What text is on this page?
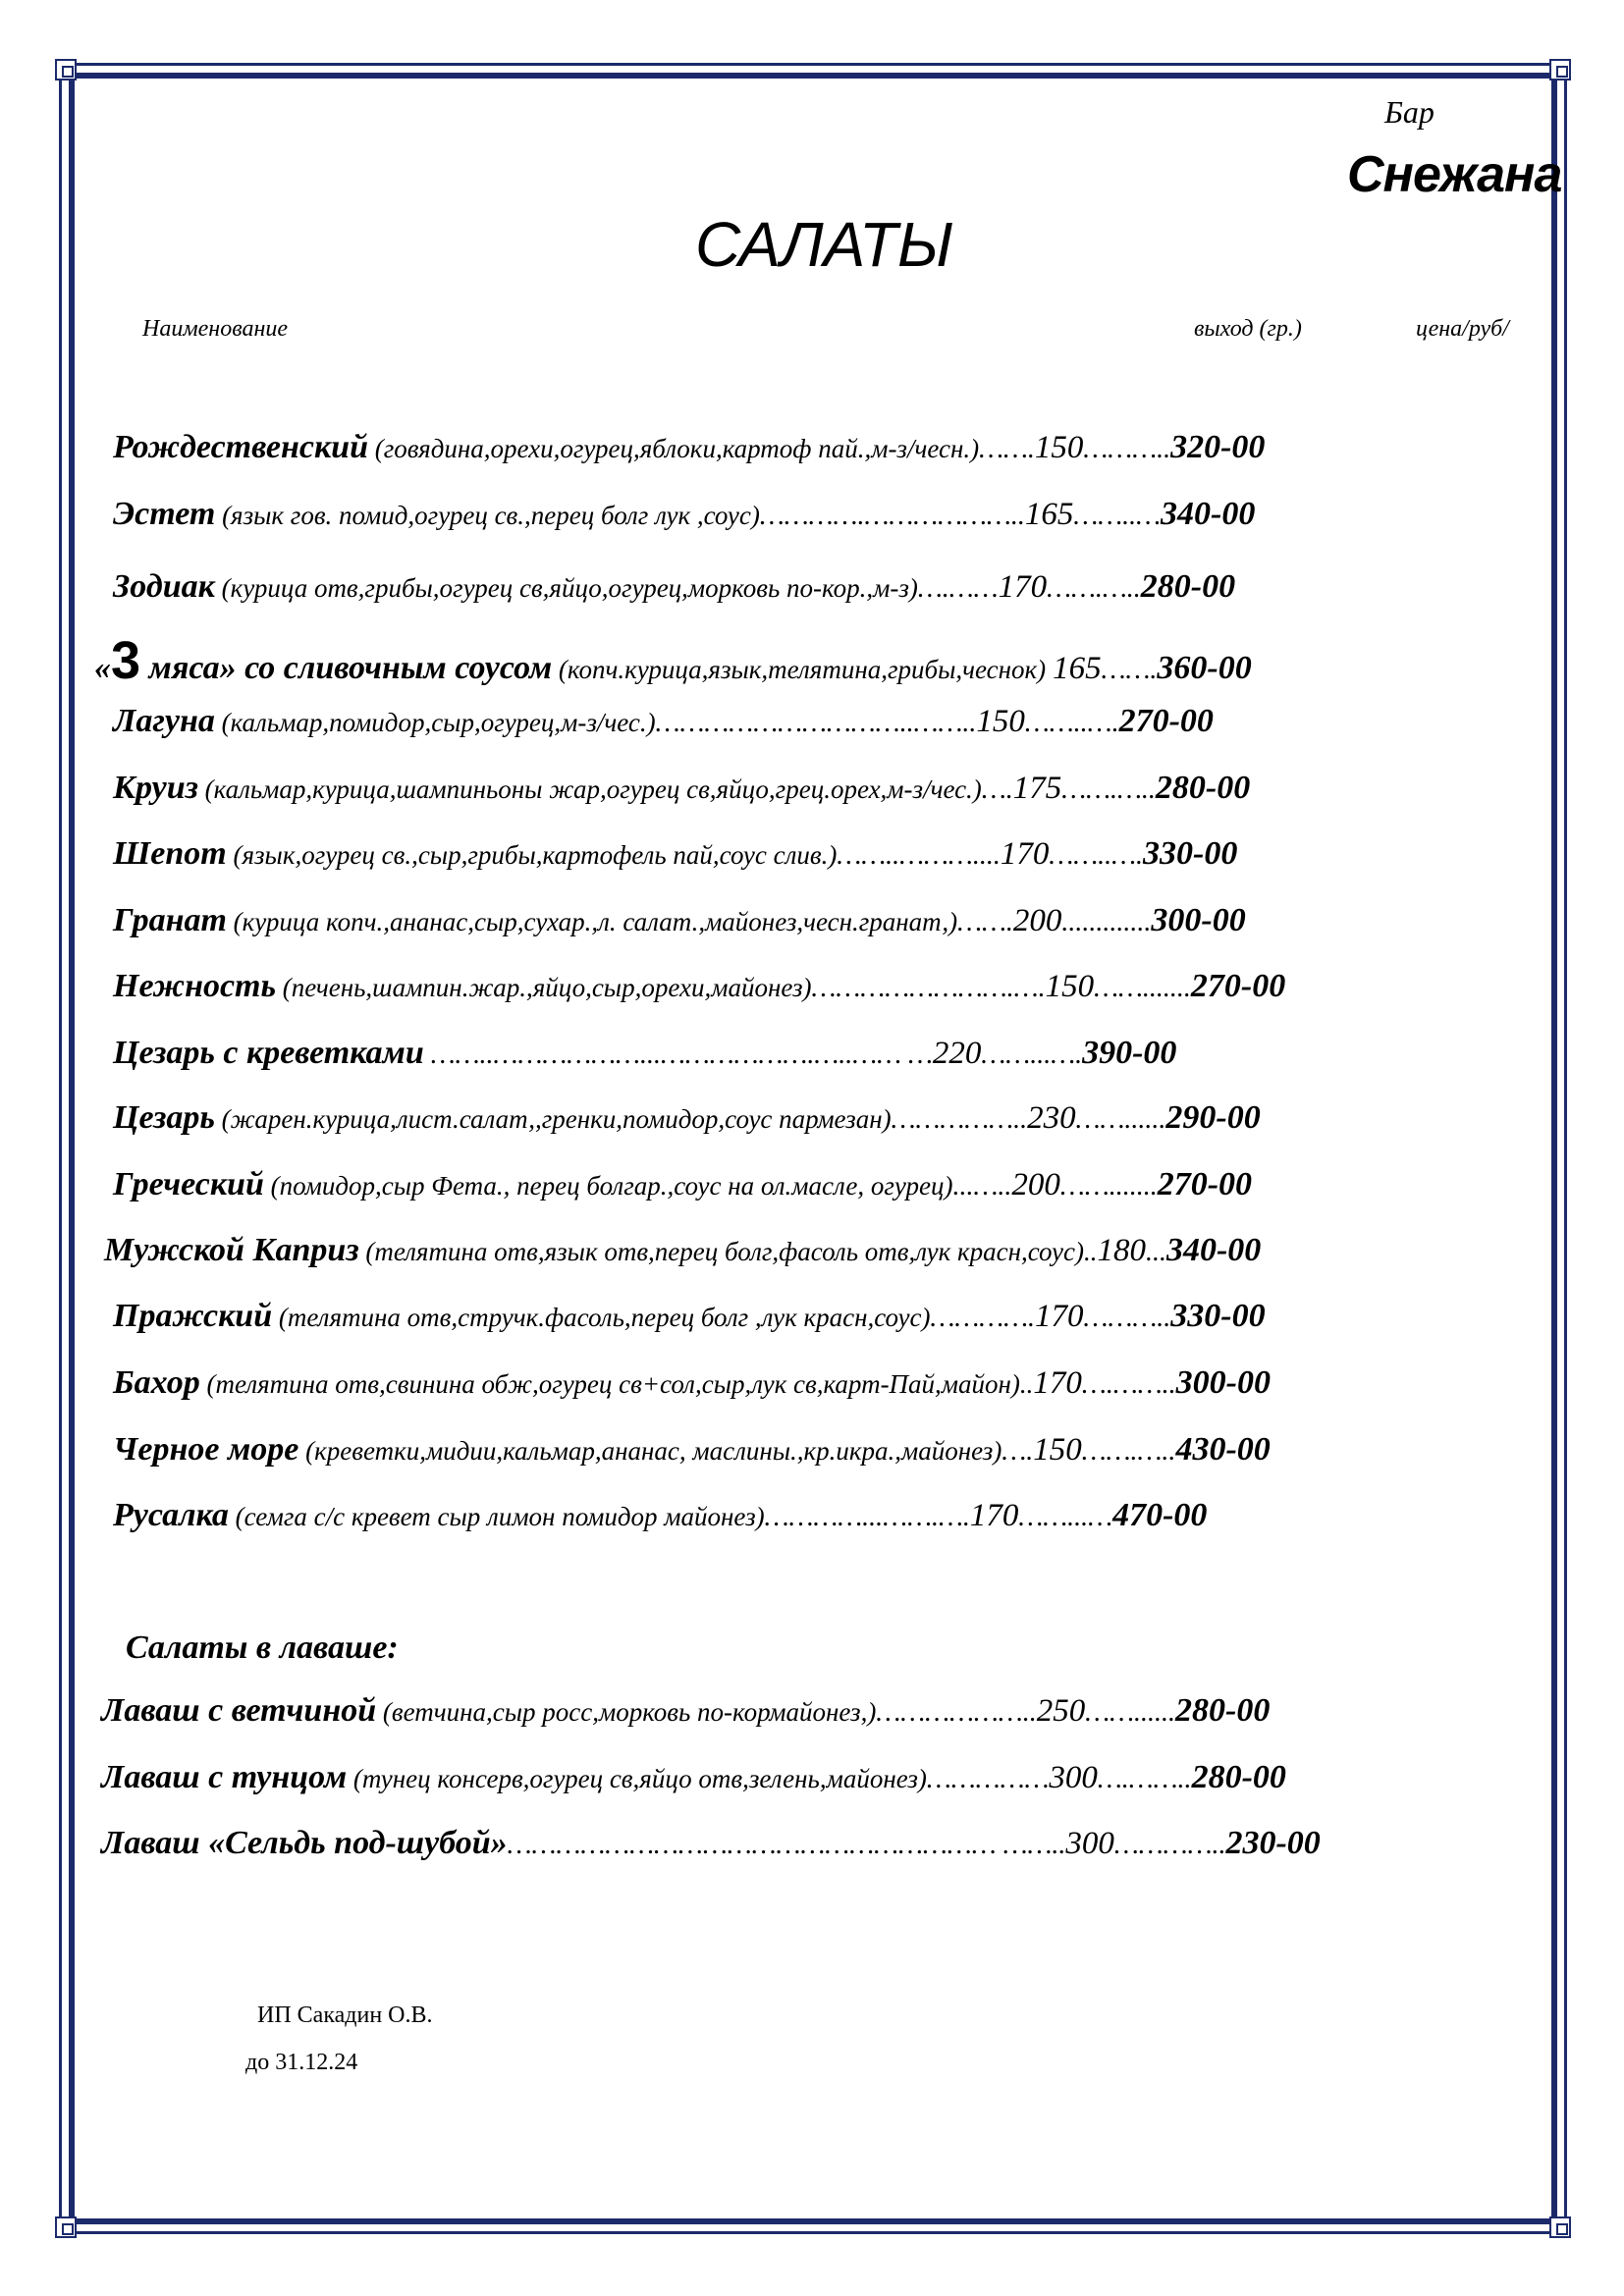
Бар
Снежана
САЛАТЫ
Наименование	выход (гр.)	цена/руб/
Рождественский (говядина,орехи,огурец,яблоки,картоф пай.,м-з/чесн.)…….150………..320-00
Эстет (язык гов. помид,огурец св.,перец болг лук ,соус)………….………………..165……..…340-00
Зодиак (курица отв,грибы,огурец св,яйцо,огурец,морковь по-кор.,м-з)….……170…….…..280-00
«3 мяса» со сливочным соусом (копч.курица,язык,телятина,грибы,чеснок) 165…….360-00
Лагуна (кальмар,помидор,сыр,огурец,м-з/чес.)…………………………..……..150……..….270-00
Круиз (кальмар,курица,шампиньоны жар,огурец св,яйцо,грец.орех,м-з/чес.)….175…….…..280-00
Шепот (язык,огурец св.,сыр,грибы,картофель пай,соус слив.)……..………....170……..….330-00
Гранат (курица копч.,ананас,сыр,сухар.,л. салат.,майонез,чесн.гранат,)…….200.............300-00
Нежность (печень,шампин.жар.,яйцо,сыр,орехи,майонез)…………………….….150…….......270-00
Цезарь с креветками ……..………………...……………….…..…… …220……...….390-00
Цезарь (жарен.курица,лист.салат,,гренки,помидор,соус пармезан)……………..230……......290-00
Греческий (помидор,сыр Фета., перец болгар.,соус на ол.масле, огурец)...…..200…….......270-00
Мужской Каприз (телятина отв,язык отв,перец болг,фасоль отв,лук красн,соус)..180...340-00
Пражский (телятина отв,стручк.фасоль,перец болг ,лук красн,соус)………….170………..330-00
Бахор (телятина отв,свинина обж,огурец св+сол,сыр,лук св,карт-Пай,майон)..170….……..300-00
Черное море (креветки,мидии,кальмар,ананас, маслины.,кр.икра.,майонез)….150…….…..430-00
Русалка (семга с/с кревет сыр лимон помидор майонез)…………...…….….170……...…470-00
Салаты в лаваше:
Лаваш с ветчиной (ветчина,сыр росс,морковь по-кормайонез,)………………..250……......280-00
Лаваш с тунцом (тунец консерв,огурец св,яйцо отв,зелень,майонез)……………300….……..280-00
Лаваш «Сельдь под-шубой»…………………………………………………… ……..300…………..230-00
ИП Сакадин О.В.
до 31.12.24
